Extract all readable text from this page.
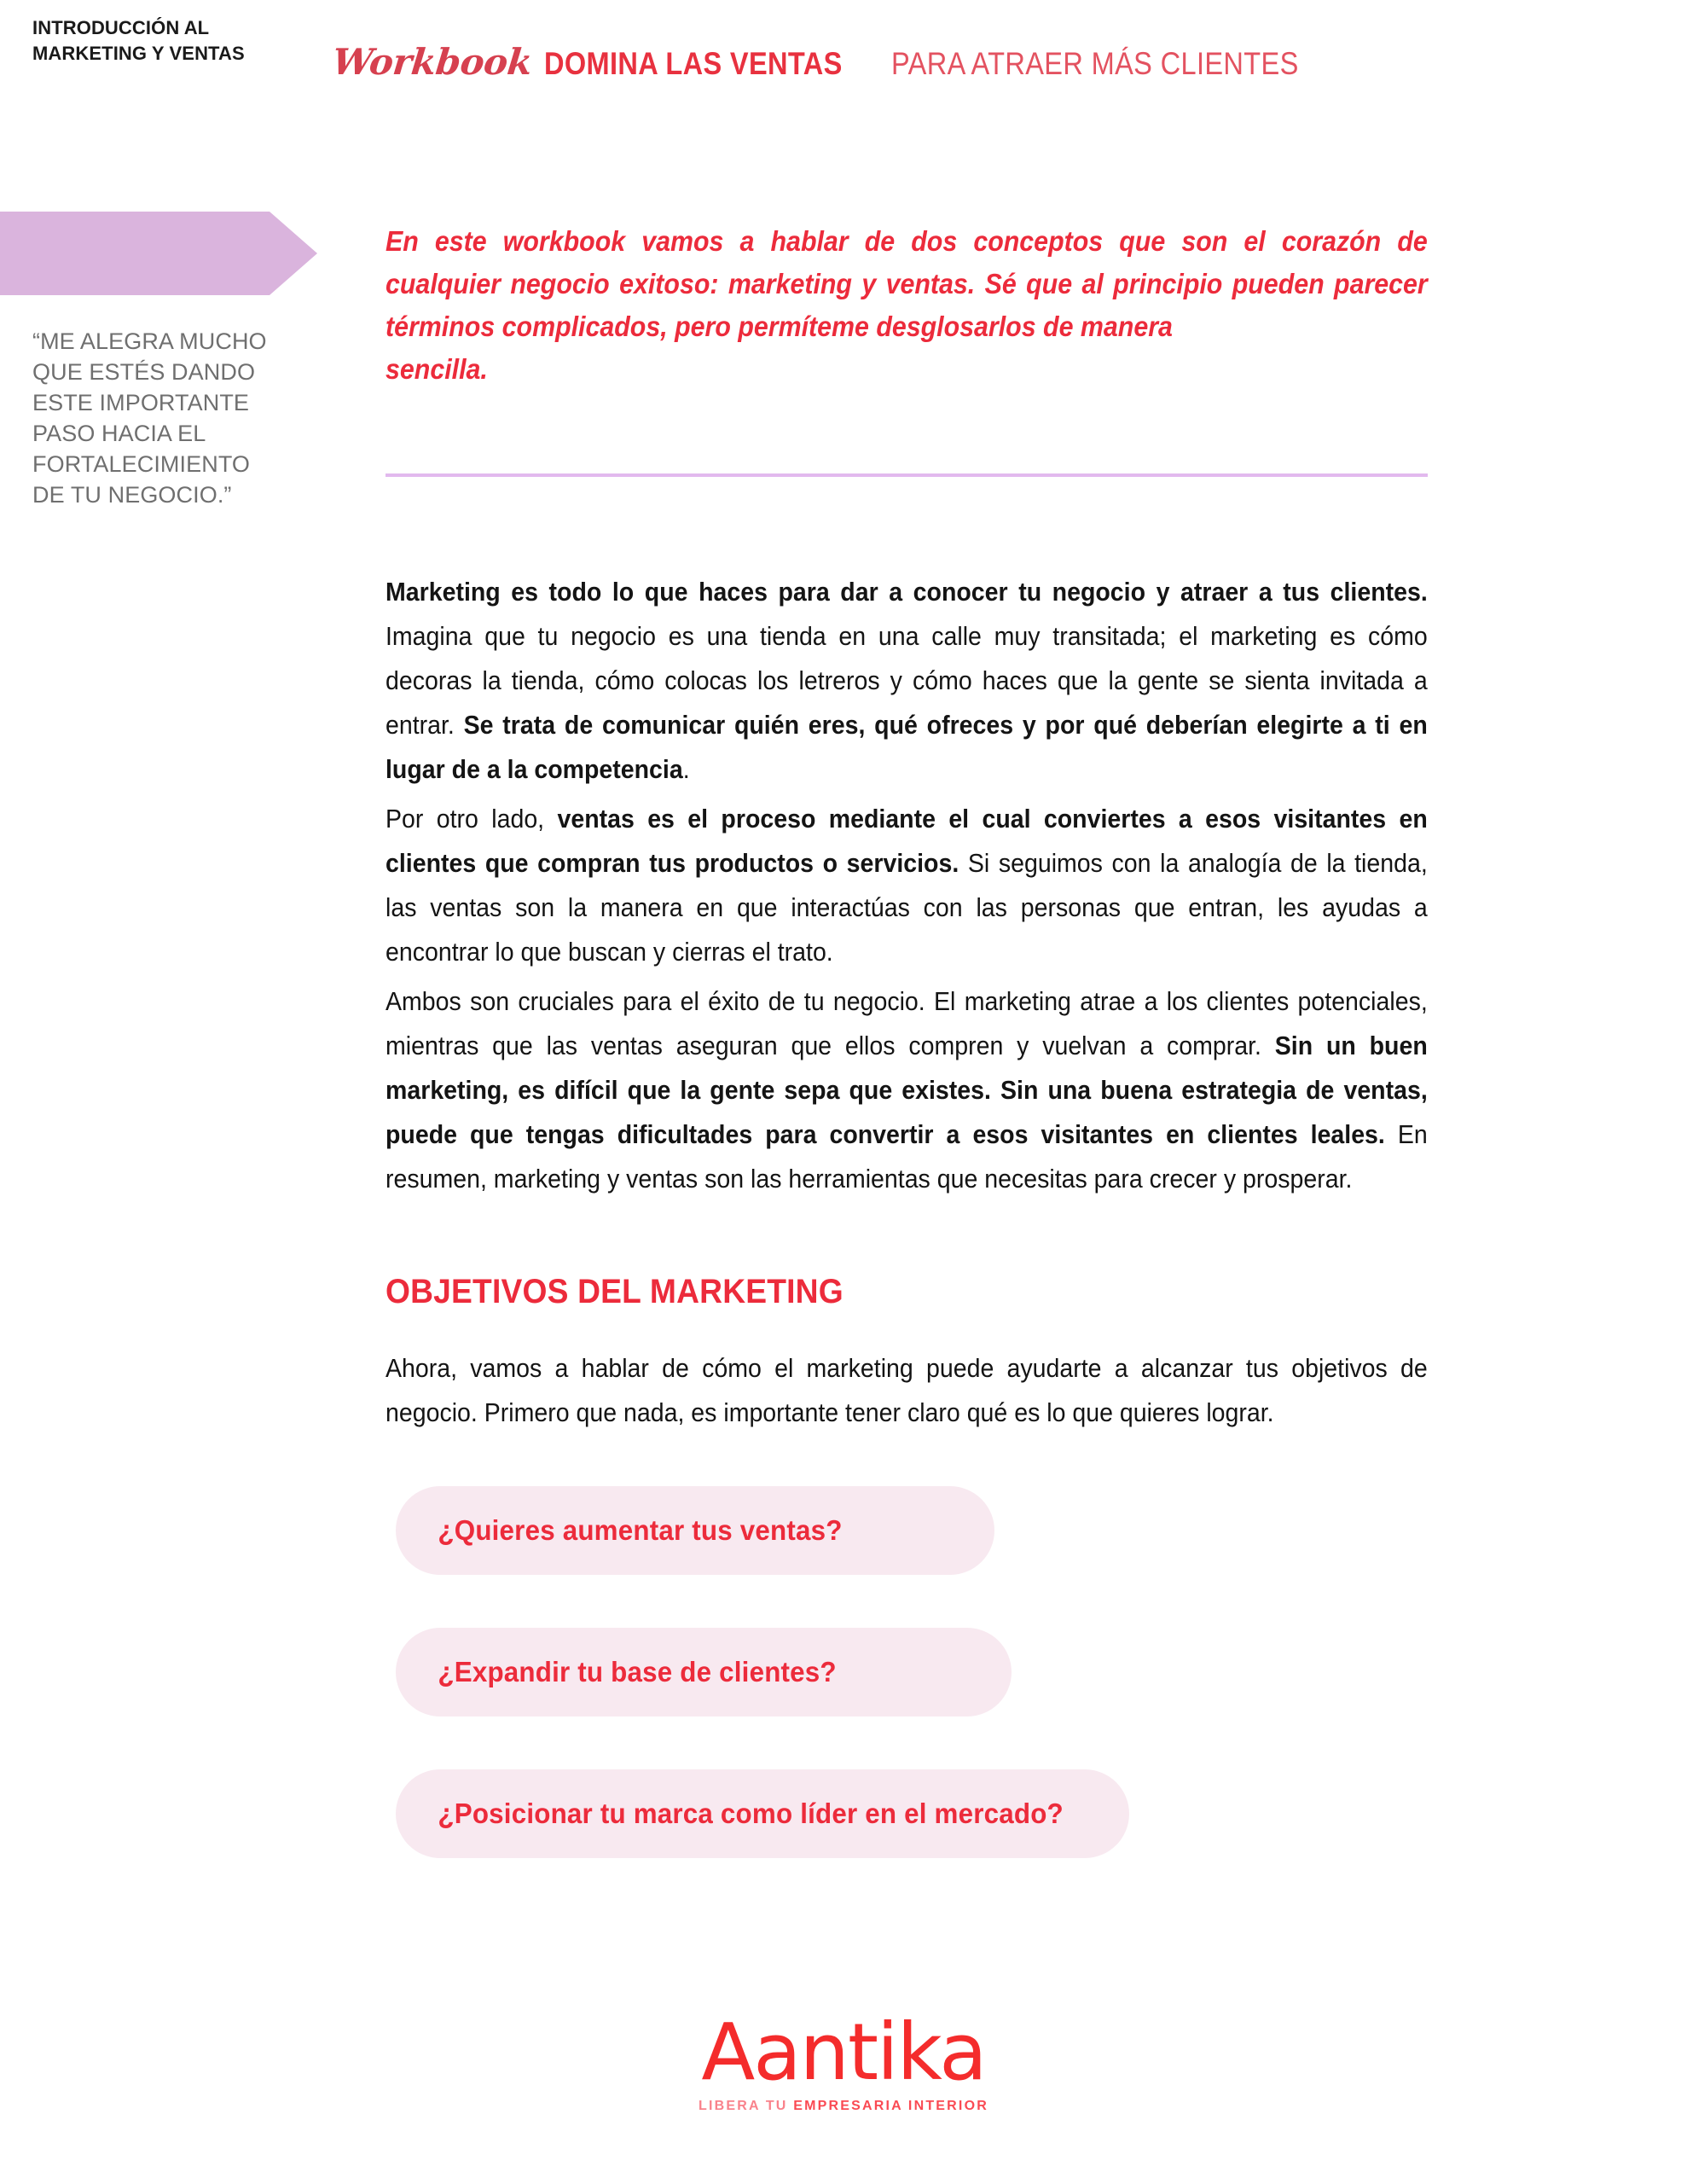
Workbook DOMINA LAS VENTAS PARA ATRAER MÁS CLIENTES
INTRODUCCIÓN AL MARKETING Y VENTAS
“ME ALEGRA MUCHO QUE ESTÉS DANDO ESTE IMPORTANTE PASO HACIA EL FORTALECIMIENTO DE TU NEGOCIO.”
En este workbook vamos a hablar de dos conceptos que son el corazón de cualquier negocio exitoso: marketing y ventas. Sé que al principio pueden parecer términos complicados, pero permíteme desglosarlos de manera
sencilla.
Marketing es todo lo que haces para dar a conocer tu negocio y atraer a tus clientes. Imagina que tu negocio es una tienda en una calle muy transitada; el marketing es cómo decoras la tienda, cómo colocas los letreros y cómo haces que la gente se sienta invitada a entrar. Se trata de comunicar quién eres, qué ofreces y por qué deberían elegirte a ti en lugar de a la competencia.
Por otro lado, ventas es el proceso mediante el cual conviertes a esos visitantes en clientes que compran tus productos o servicios. Si seguimos con la analogía de la tienda, las ventas son la manera en que interactúas con las personas que entran, les ayudas a encontrar lo que buscan y cierras el trato.
Ambos son cruciales para el éxito de tu negocio. El marketing atrae a los clientes potenciales, mientras que las ventas aseguran que ellos compren y vuelvan a comprar. Sin un buen marketing, es difícil que la gente sepa que existes. Sin una buena estrategia de ventas, puede que tengas dificultades para convertir a esos visitantes en clientes leales. En resumen, marketing y ventas son las herramientas que necesitas para crecer y prosperar.
OBJETIVOS DEL MARKETING
Ahora, vamos a hablar de cómo el marketing puede ayudarte a alcanzar tus objetivos de negocio. Primero que nada, es importante tener claro qué es lo que quieres lograr.
¿Quieres aumentar tus ventas?
¿Expandir tu base de clientes?
¿Posicionar tu marca como líder en el mercado?
Aantika
LIBERA TU EMPRESARIA INTERIOR
